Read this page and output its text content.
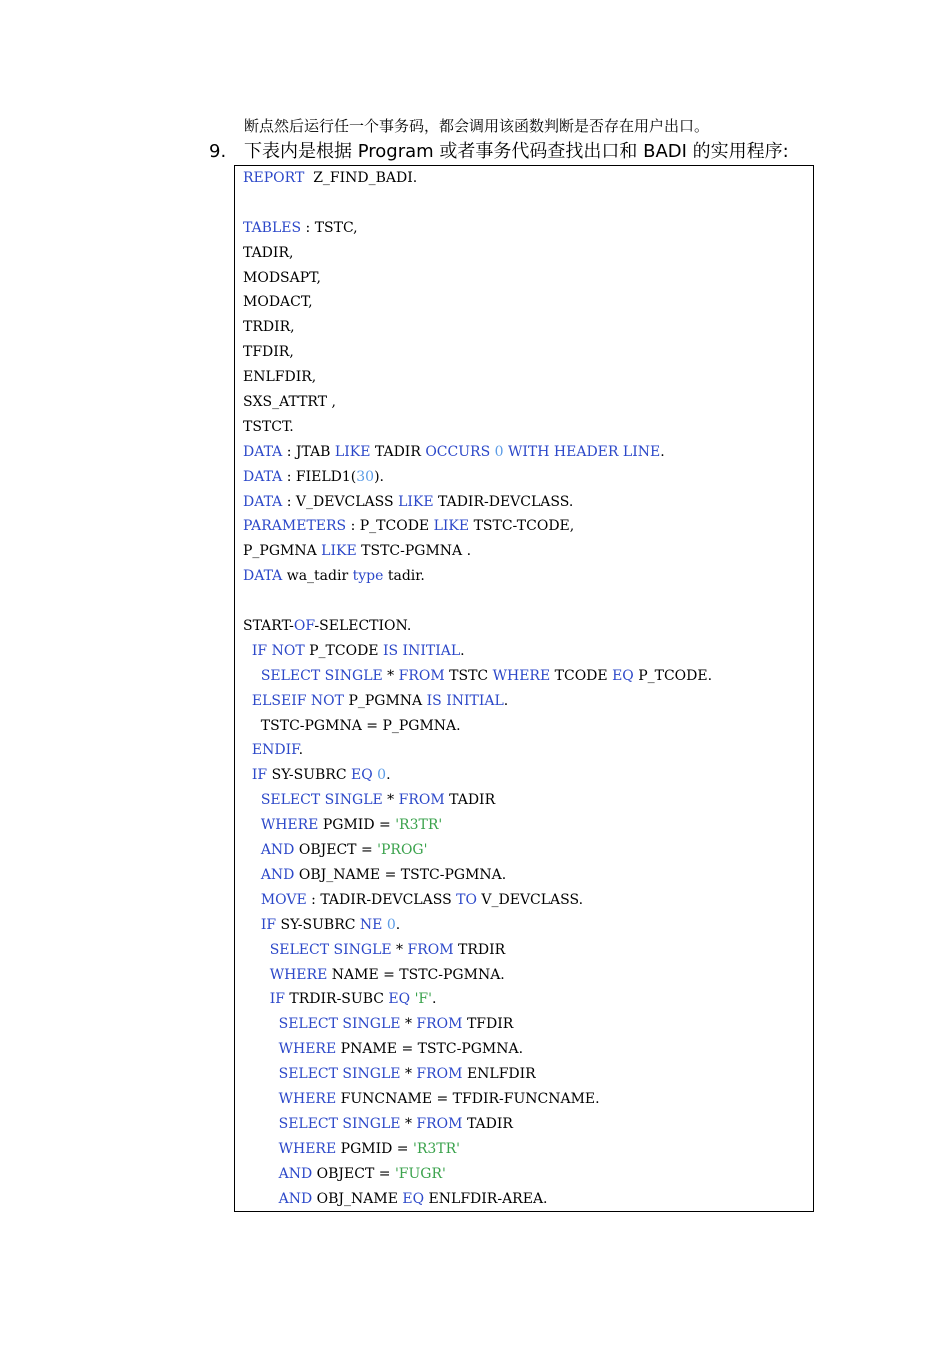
断点然后运行任一个事务码，都会调用该函数判断是否存在用户出口。
9. 下表内是根据 Program 或者事务代码查找出口和 BADI 的实用程序:
REPORT  Z_FIND_BADI.

TABLES : TSTC,
TADIR,
MODSAPT,
MODACT,
TRDIR,
TFDIR,
ENLFDIR,
SXS_ATTRT ,
TSTCT.
DATA : JTAB LIKE TADIR OCCURS 0 WITH HEADER LINE.
DATA : FIELD1(30).
DATA : V_DEVCLASS LIKE TADIR-DEVCLASS.
PARAMETERS : P_TCODE LIKE TSTC-TCODE,
P_PGMNA LIKE TSTC-PGMNA .
DATA wa_tadir type tadir.

START-OF-SELECTION.
IF NOT P_TCODE IS INITIAL.
SELECT SINGLE * FROM TSTC WHERE TCODE EQ P_TCODE.
ELSEIF NOT P_PGMNA IS INITIAL.
TSTC-PGMNA = P_PGMNA.
ENDIF.
IF SY-SUBRC EQ 0.
SELECT SINGLE * FROM TADIR
WHERE PGMID = 'R3TR'
AND OBJECT = 'PROG'
AND OBJ_NAME = TSTC-PGMNA.
MOVE : TADIR-DEVCLASS TO V_DEVCLASS.
IF SY-SUBRC NE 0.
SELECT SINGLE * FROM TRDIR
WHERE NAME = TSTC-PGMNA.
IF TRDIR-SUBC EQ 'F'.
SELECT SINGLE * FROM TFDIR
WHERE PNAME = TSTC-PGMNA.
SELECT SINGLE * FROM ENLFDIR
WHERE FUNCNAME = TFDIR-FUNCNAME.
SELECT SINGLE * FROM TADIR
WHERE PGMID = 'R3TR'
AND OBJECT = 'FUGR'
AND OBJ_NAME EQ ENLFDIR-AREA.
